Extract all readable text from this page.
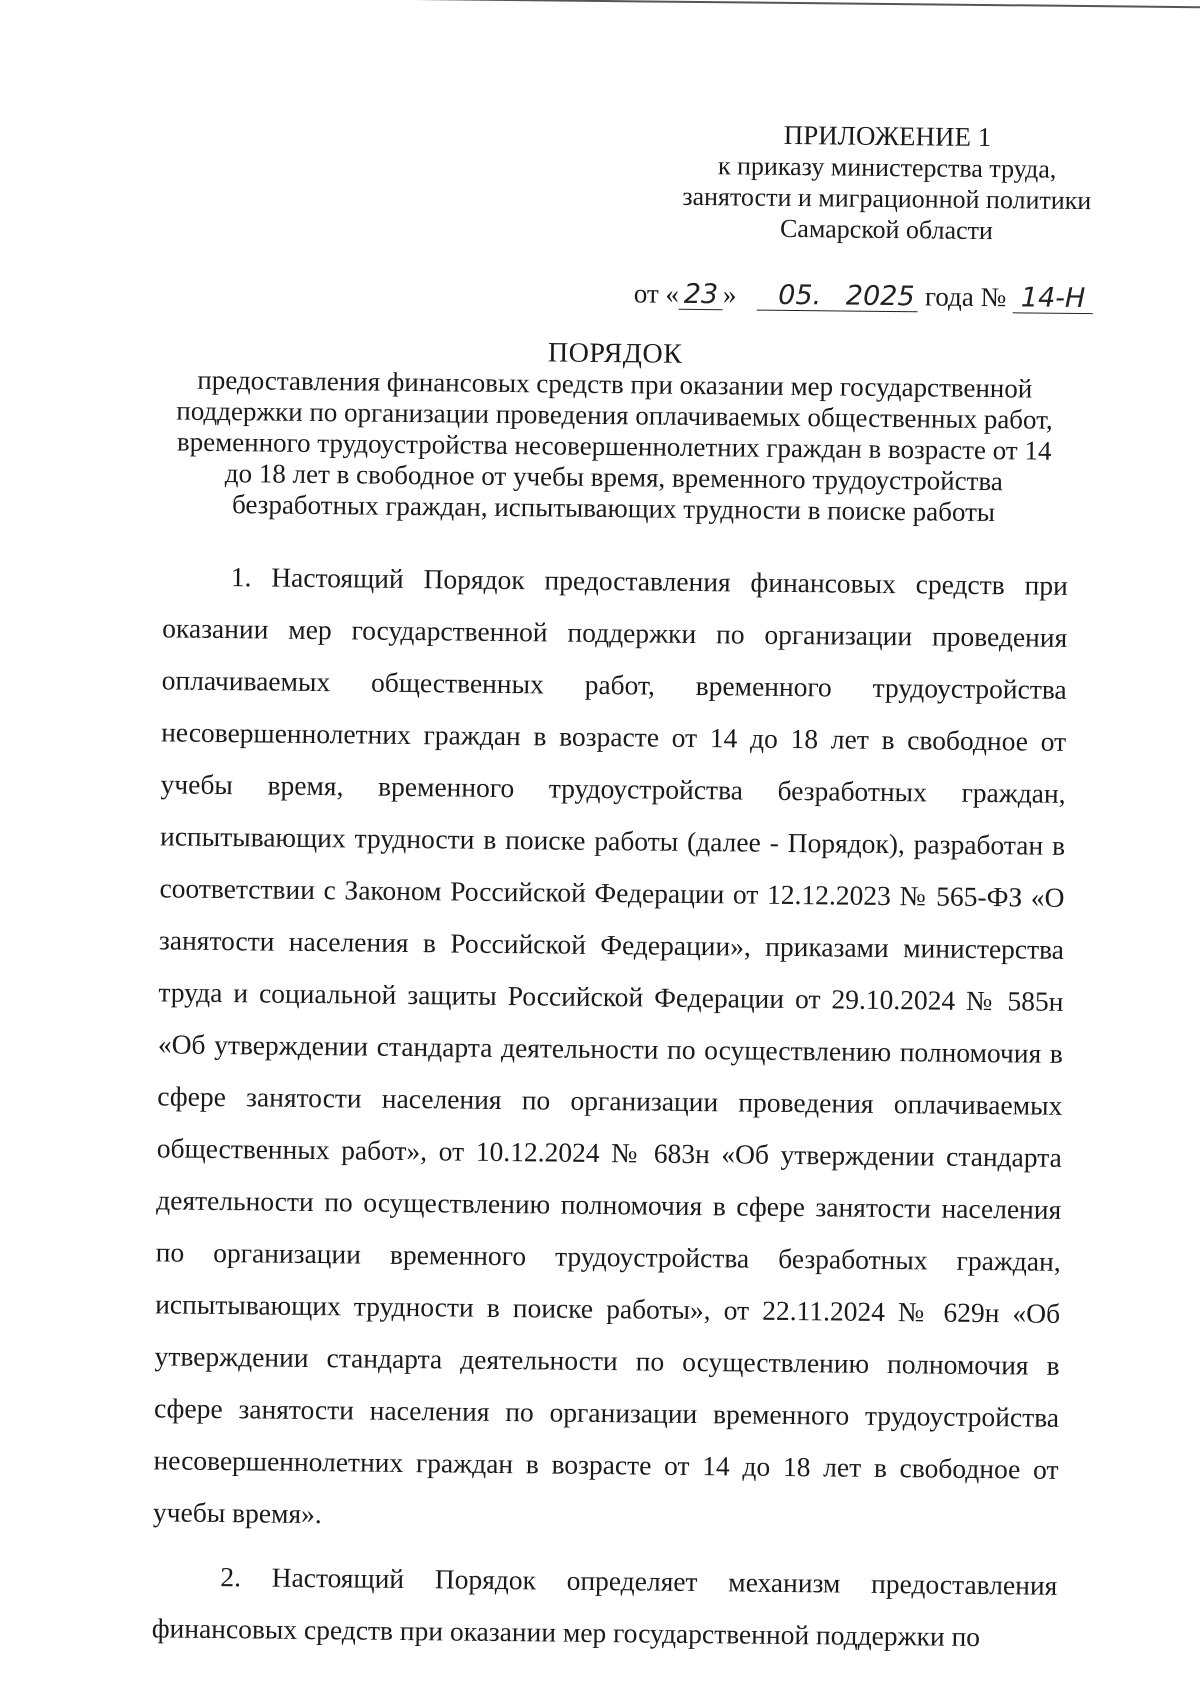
ПРИЛОЖЕНИЕ 1
к приказу министерства труда,
занятости и миграционной политики
Самарской области
от « 23 » 05. 2025 года № 14-Н
ПОРЯДОК
предоставления финансовых средств при оказании мер государственной
поддержки по организации проведения оплачиваемых общественных работ,
временного трудоустройства несовершеннолетних граждан в возрасте от 14
до 18 лет в свободное от учебы время, временного трудоустройства
безработных граждан, испытывающих трудности в поиске работы

1. Настоящий Порядок предоставления финансовых средств при оказании мер государственной поддержки по организации проведения оплачиваемых общественных работ, временного трудоустройства несовершеннолетних граждан в возрасте от 14 до 18 лет в свободное от учебы время, временного трудоустройства безработных граждан, испытывающих трудности в поиске работы (далее - Порядок), разработан в соответствии с Законом Российской Федерации от 12.12.2023 № 565-ФЗ «О занятости населения в Российской Федерации», приказами министерства труда и социальной защиты Российской Федерации от 29.10.2024 № 585н «Об утверждении стандарта деятельности по осуществлению полномочия в сфере занятости населения по организации проведения оплачиваемых общественных работ», от 10.12.2024 № 683н «Об утверждении стандарта деятельности по осуществлению полномочия в сфере занятости населения по организации временного трудоустройства безработных граждан, испытывающих трудности в поиске работы», от 22.11.2024 № 629н «Об утверждении стандарта деятельности по осуществлению полномочия в сфере занятости населения по организации временного трудоустройства несовершеннолетних граждан в возрасте от 14 до 18 лет в свободное от учебы время».

2. Настоящий Порядок определяет механизм предоставления финансовых средств при оказании мер государственной поддержки по
